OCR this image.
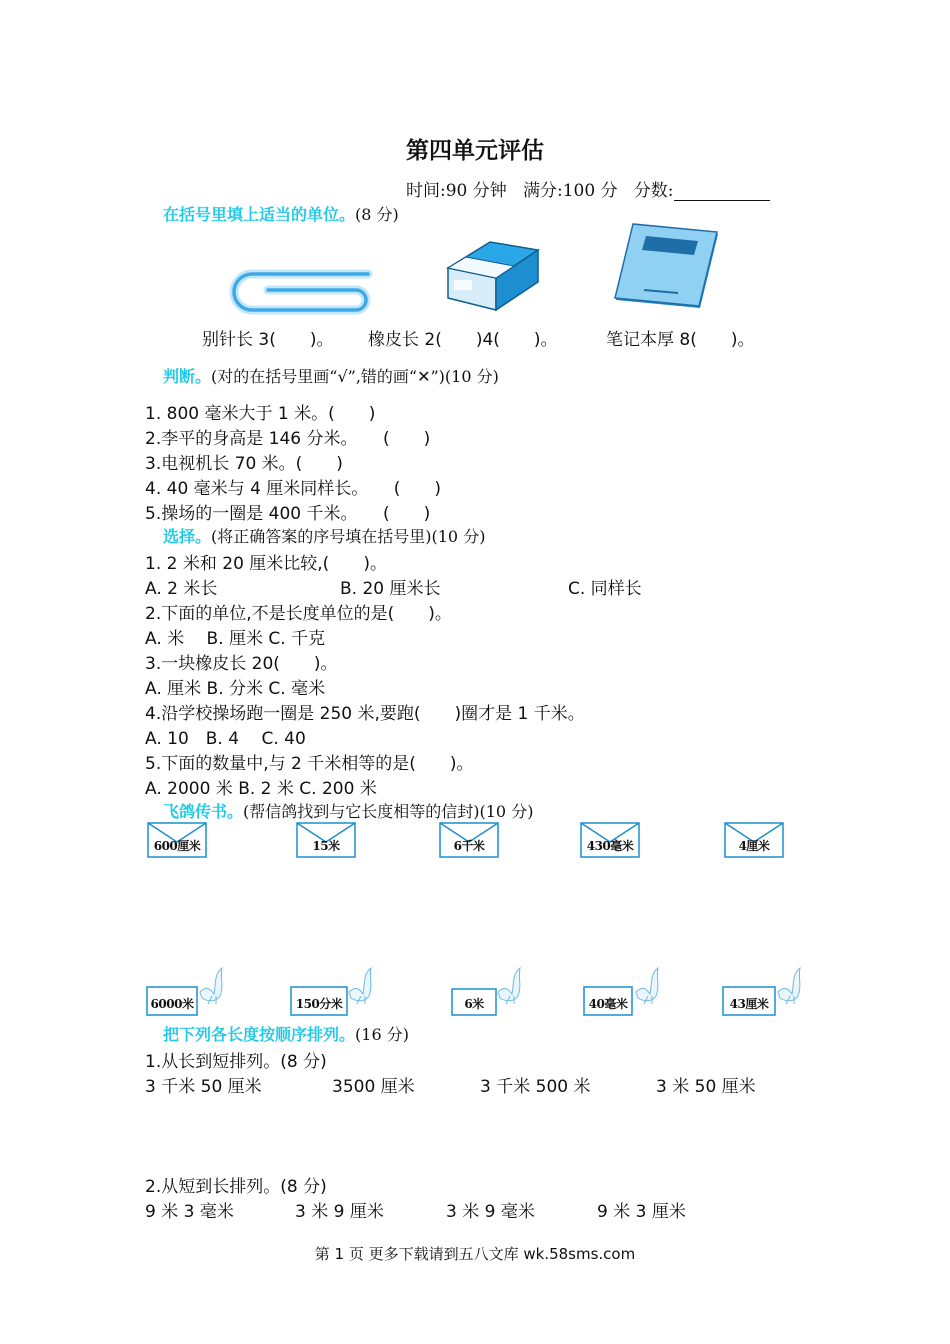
第四单元评估
时间:90 分钟 满分:100 分 分数:
在括号里填上适当的单位。(8 分)
别针长 3(　　)。 橡皮长 2(　　)4(　　)。	笔记本厚 8(　　)。
判断。(对的在括号里画“√”,错的画“✕”)(10 分)
1. 800 毫米大于 1 米。(　　)
2.李平的身高是 146 分米。　　(　　)
3.电视机长 70 米。(　　)
4. 40 毫米与 4 厘米同样长。　　(　　)
5.操场的一圈是 400 千米。　　(　　)
选择。(将正确答案的序号填在括号里)(10 分)
1. 2 米和 20 厘米比较,(　　)。
A. 2 米长	B. 20 厘米长	C. 同样长
2.下面的单位,不是长度单位的是(　　)。
A. 米　 B. 厘米 C. 千克
3.一块橡皮长 20(　　)。
A. 厘米 B. 分米 C. 毫米
4.沿学校操场跑一圈是 250 米,要跑(　　)圈才是 1 千米。
A. 10　B. 4　 C. 40
5.下面的数量中,与 2 千米相等的是(　　)。
A. 2000 米 B. 2 米 C. 200 米
飞鸽传书。(帮信鸽找到与它长度相等的信封)(10 分)
600厘米	15米	6千米	430毫米	4厘米
6000米	150分米	6米	40毫米	43厘米
把下列各长度按顺序排列。(16 分)
1.从长到短排列。(8 分)
3 千米 50 厘米	3500 厘米	3 千米 500 米	3 米 50 厘米
2.从短到长排列。(8 分)
9 米 3 毫米	3 米 9 厘米	3 米 9 毫米	9 米 3 厘米
第 1 页 更多下载请到五八文库 wk.58sms.com
